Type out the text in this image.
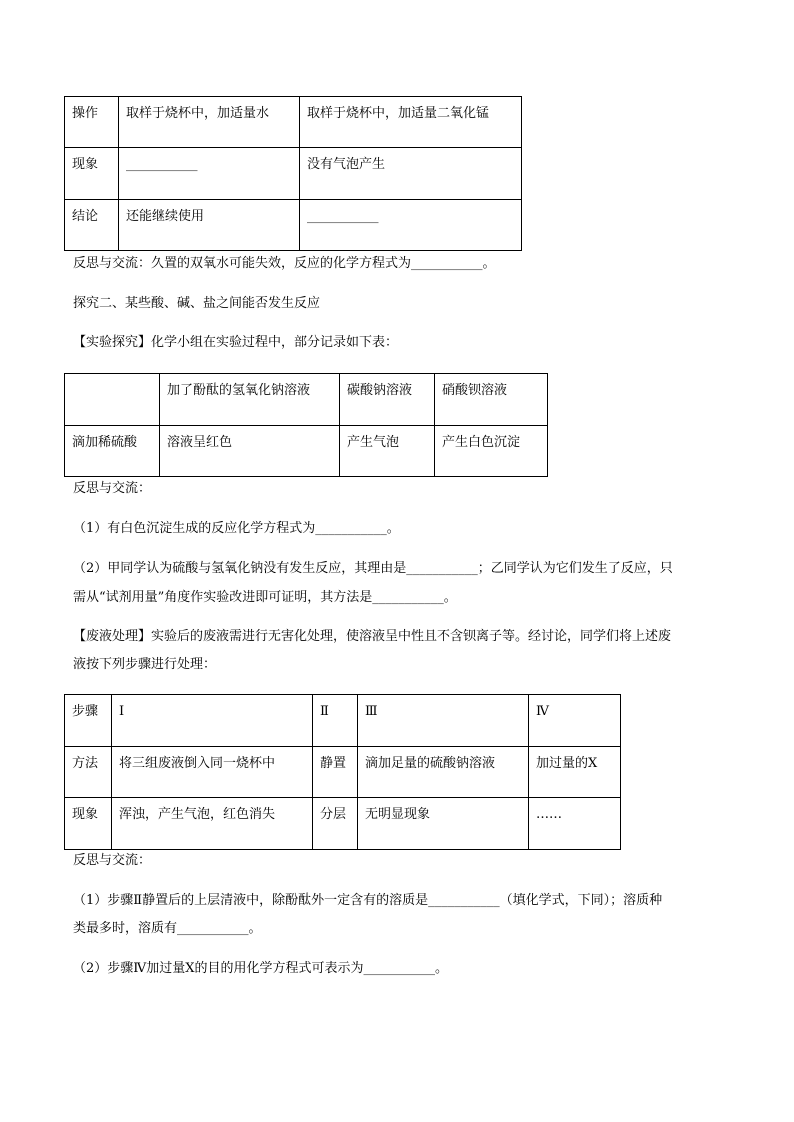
操作	取样于烧杯中，加适量水	取样于烧杯中，加适量二氧化锰
现象	___________	没有气泡产生
结论	还能继续使用	___________
反思与交流：久置的双氧水可能失效，反应的化学方程式为___________。
探究二、某些酸、碱、盐之间能否发生反应
【实验探究】化学小组在实验过程中，部分记录如下表：
	加了酚酞的氢氧化钠溶液	碳酸钠溶液	硝酸钡溶液
滴加稀硫酸	溶液呈红色	产生气泡	产生白色沉淀
反思与交流：
（1）有白色沉淀生成的反应化学方程式为___________。
（2）甲同学认为硫酸与氢氧化钠没有发生反应，其理由是___________；乙同学认为它们发生了反应，只
需从“试剂用量”角度作实验改进即可证明，其方法是___________。
【废液处理】实验后的废液需进行无害化处理，使溶液呈中性且不含钡离子等。经讨论，同学们将上述废
液按下列步骤进行处理：
步骤	Ⅰ	Ⅱ	Ⅲ	Ⅳ
方法	将三组废液倒入同一烧杯中	静置	滴加足量的硫酸钠溶液	加过量的X
现象	浑浊，产生气泡，红色消失	分层	无明显现象	……
反思与交流：
（1）步骤Ⅱ静置后的上层清液中，除酚酞外一定含有的溶质是___________（填化学式，下同）；溶质种
类最多时，溶质有___________。
（2）步骤Ⅳ加过量X的目的用化学方程式可表示为___________。
